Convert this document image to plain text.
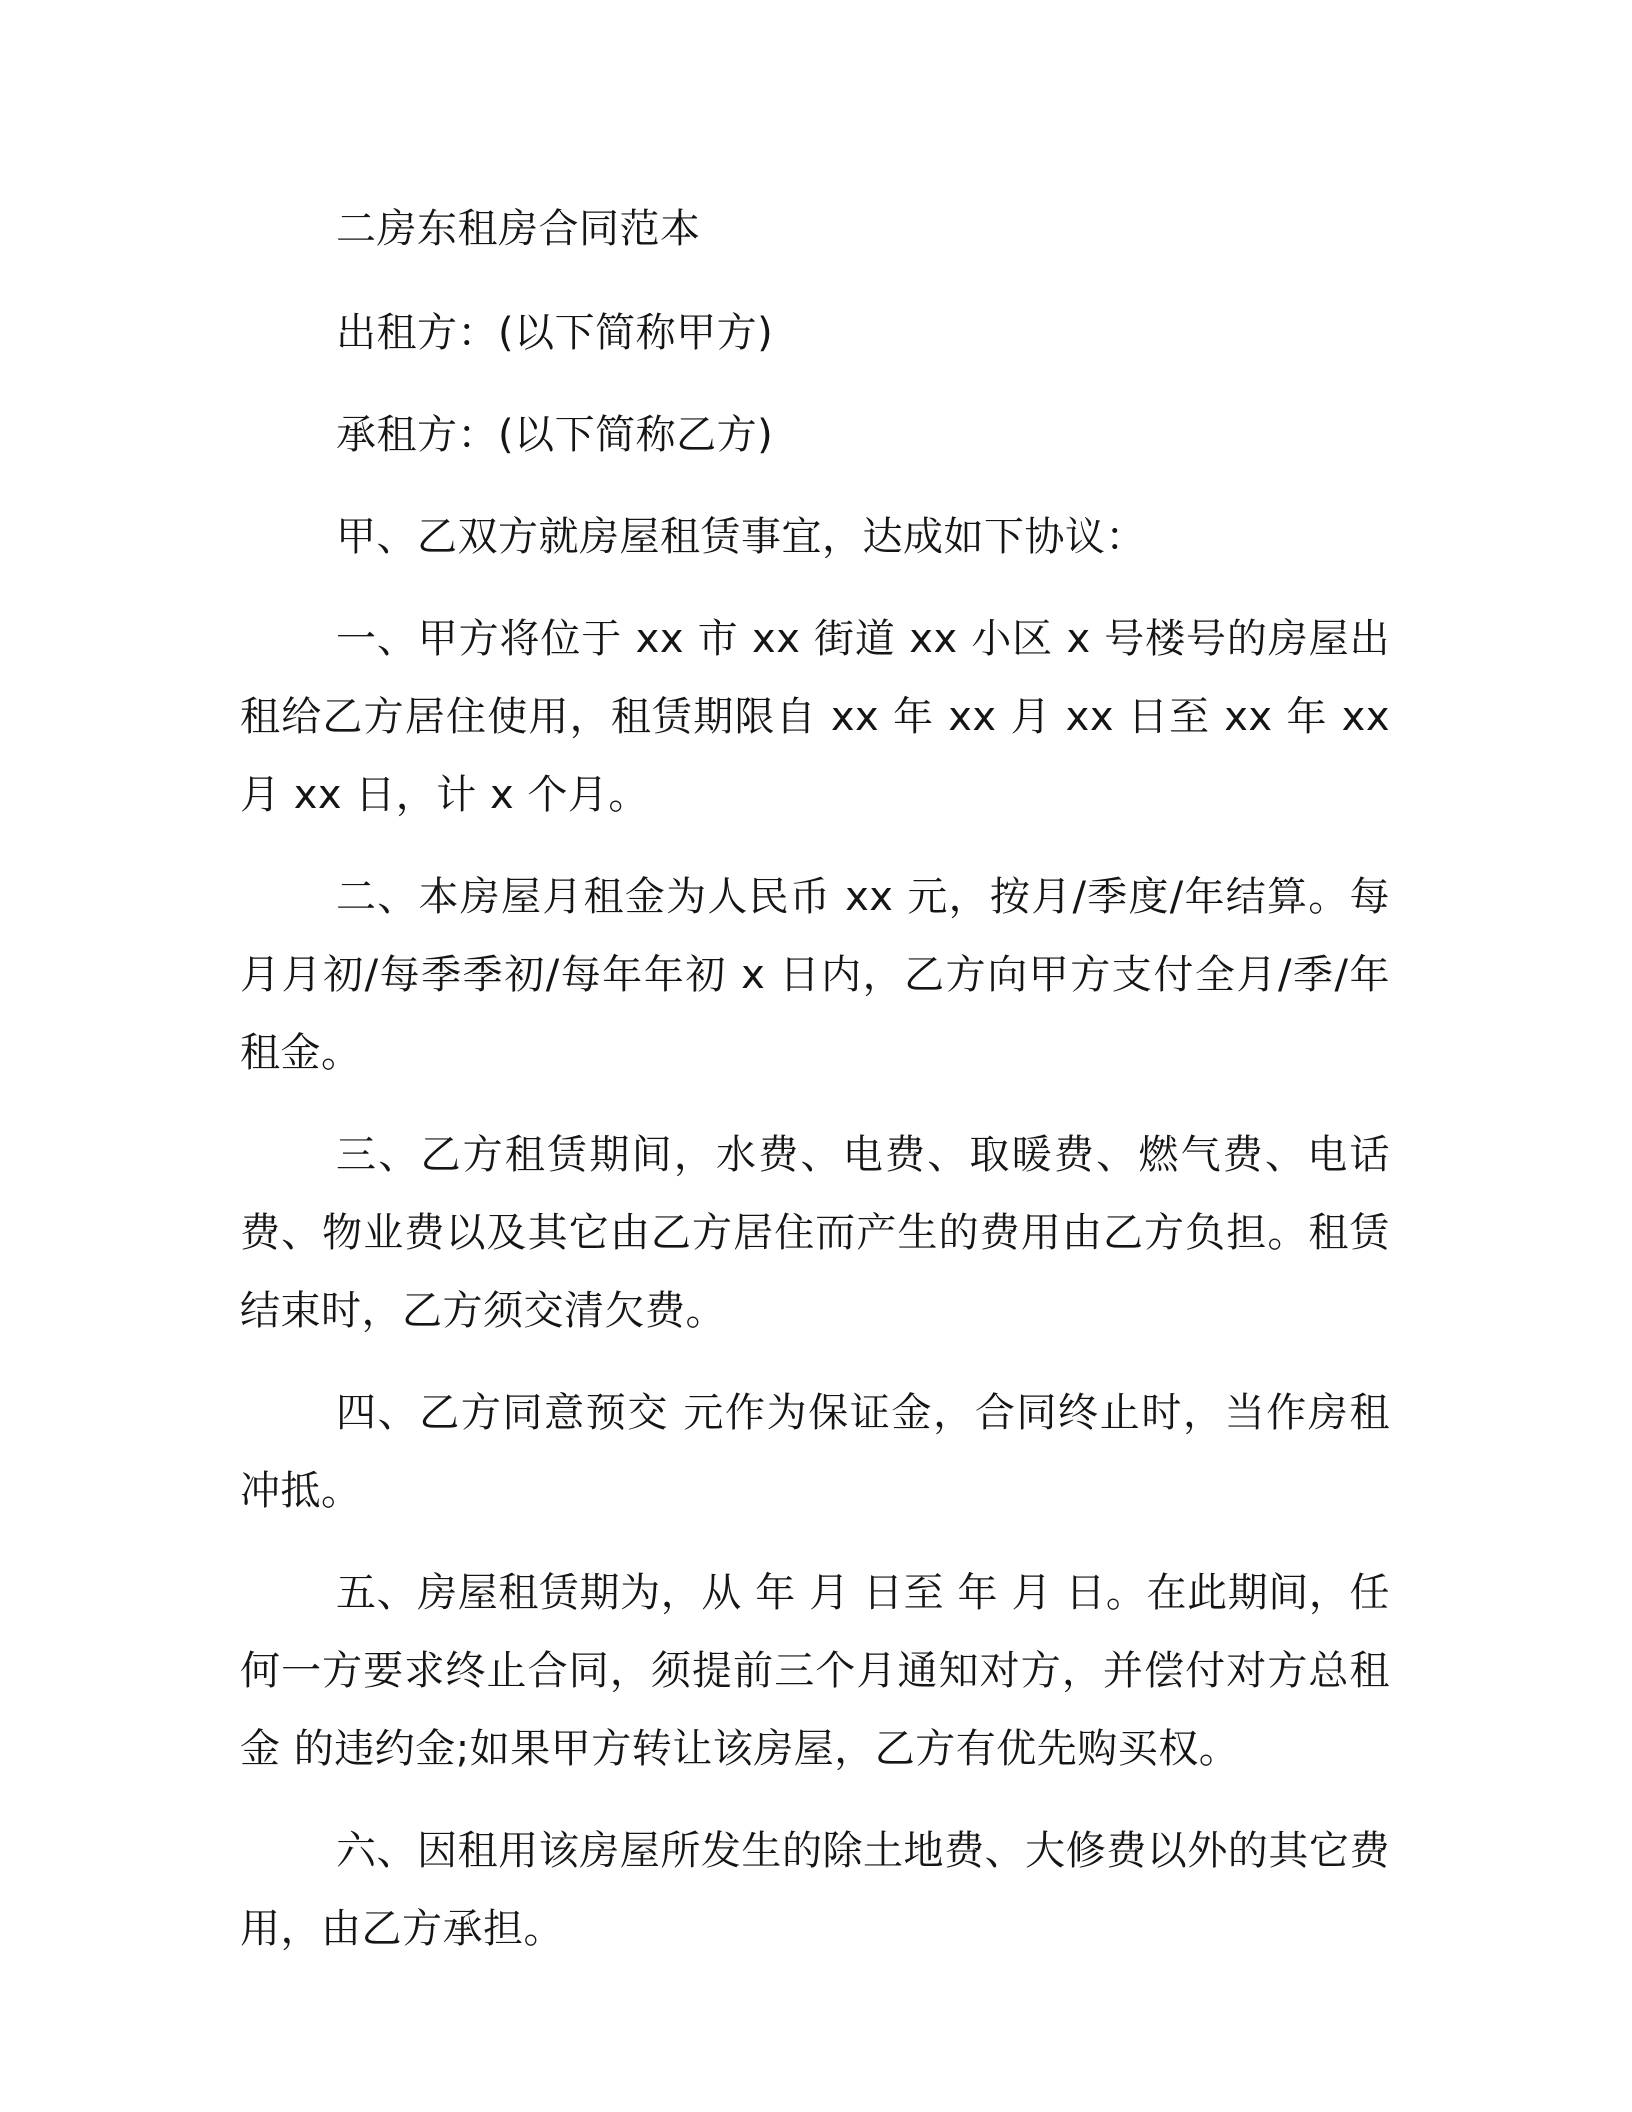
二房东租房合同范本

出租方：(以下简称甲方)

承租方：(以下简称乙方)

甲、乙双方就房屋租赁事宜，达成如下协议：

一、甲方将位于 xx 市 xx 街道 xx 小区 x 号楼号的房屋出租给乙方居住使用，租赁期限自 xx 年 xx 月 xx 日至 xx 年 xx 月 xx 日，计 x 个月。

二、本房屋月租金为人民币 xx 元，按月/季度/年结算。每月月初/每季季初/每年年初 x 日内，乙方向甲方支付全月/季/年租金。

三、乙方租赁期间，水费、电费、取暖费、燃气费、电话费、物业费以及其它由乙方居住而产生的费用由乙方负担。租赁结束时，乙方须交清欠费。

四、乙方同意预交 元作为保证金，合同终止时，当作房租冲抵。

五、房屋租赁期为，从 年 月 日至 年 月 日。在此期间，任何一方要求终止合同，须提前三个月通知对方，并偿付对方总租金 的违约金;如果甲方转让该房屋，乙方有优先购买权。

六、因租用该房屋所发生的除土地费、大修费以外的其它费用，由乙方承担。
